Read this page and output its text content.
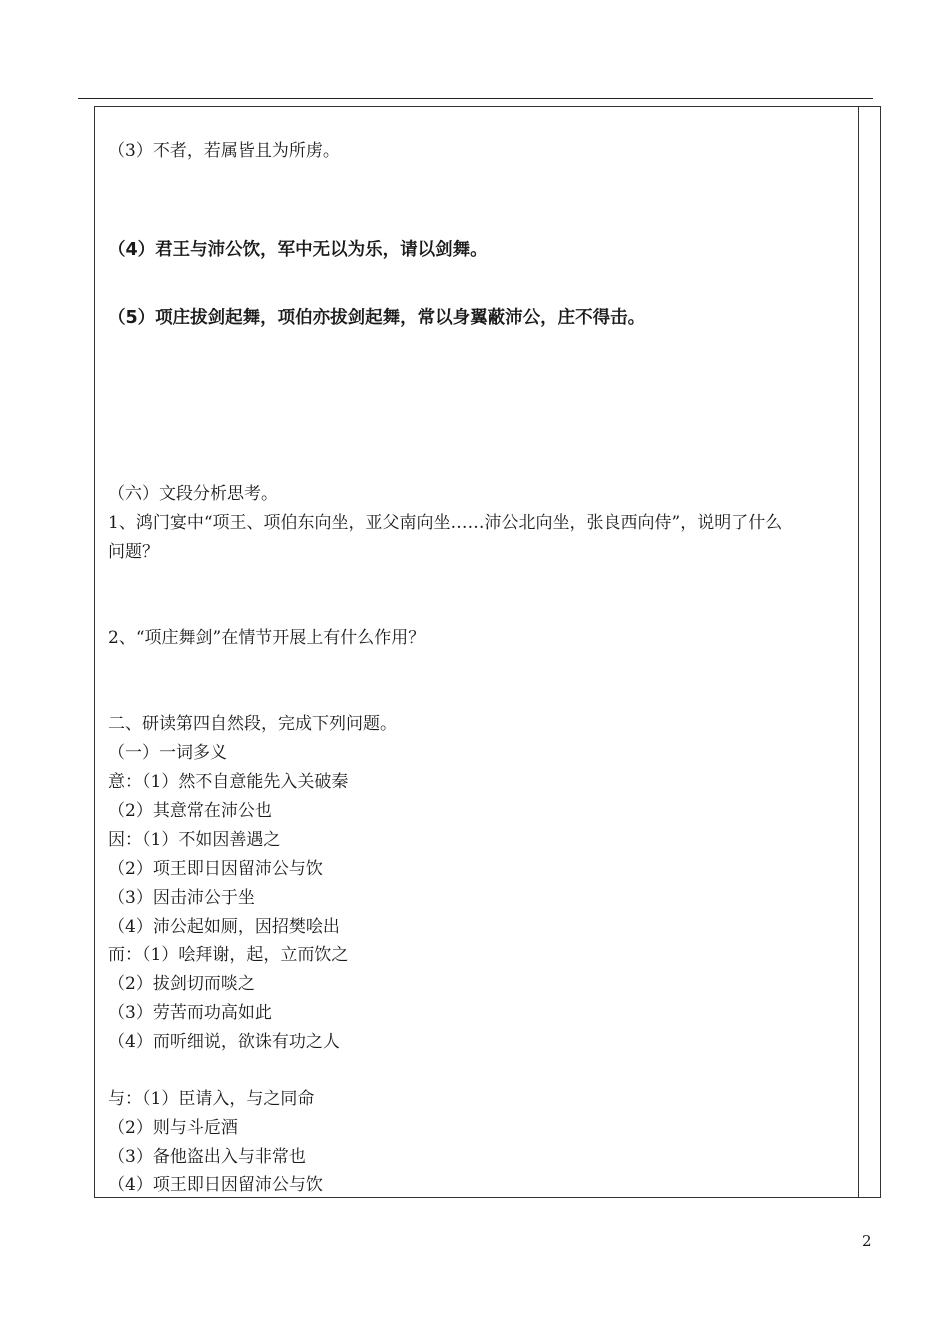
（3）不者，若属皆且为所虏。
（4）君王与沛公饮，军中无以为乐，请以剑舞。
（5）项庄拔剑起舞，项伯亦拔剑起舞，常以身翼蔽沛公，庄不得击。
（六）文段分析思考。
1、鸿门宴中“项王、项伯东向坐，亚父南向坐……沛公北向坐，张良西向侍”，说明了什么
问题？
2、“项庄舞剑”在情节开展上有什么作用？
二、研读第四自然段，完成下列问题。
（一）一词多义
意：（1）然不自意能先入关破秦
（2）其意常在沛公也
因：（1）不如因善遇之
（2）项王即日因留沛公与饮
（3）因击沛公于坐
（4）沛公起如厕，因招樊哙出
而：（1）哙拜谢，起，立而饮之
（2）拔剑切而啖之
（3）劳苦而功高如此
（4）而听细说，欲诛有功之人
与：（1）臣请入，与之同命
（2）则与斗卮酒
（3）备他盗出入与非常也
（4）项王即日因留沛公与饮
2
